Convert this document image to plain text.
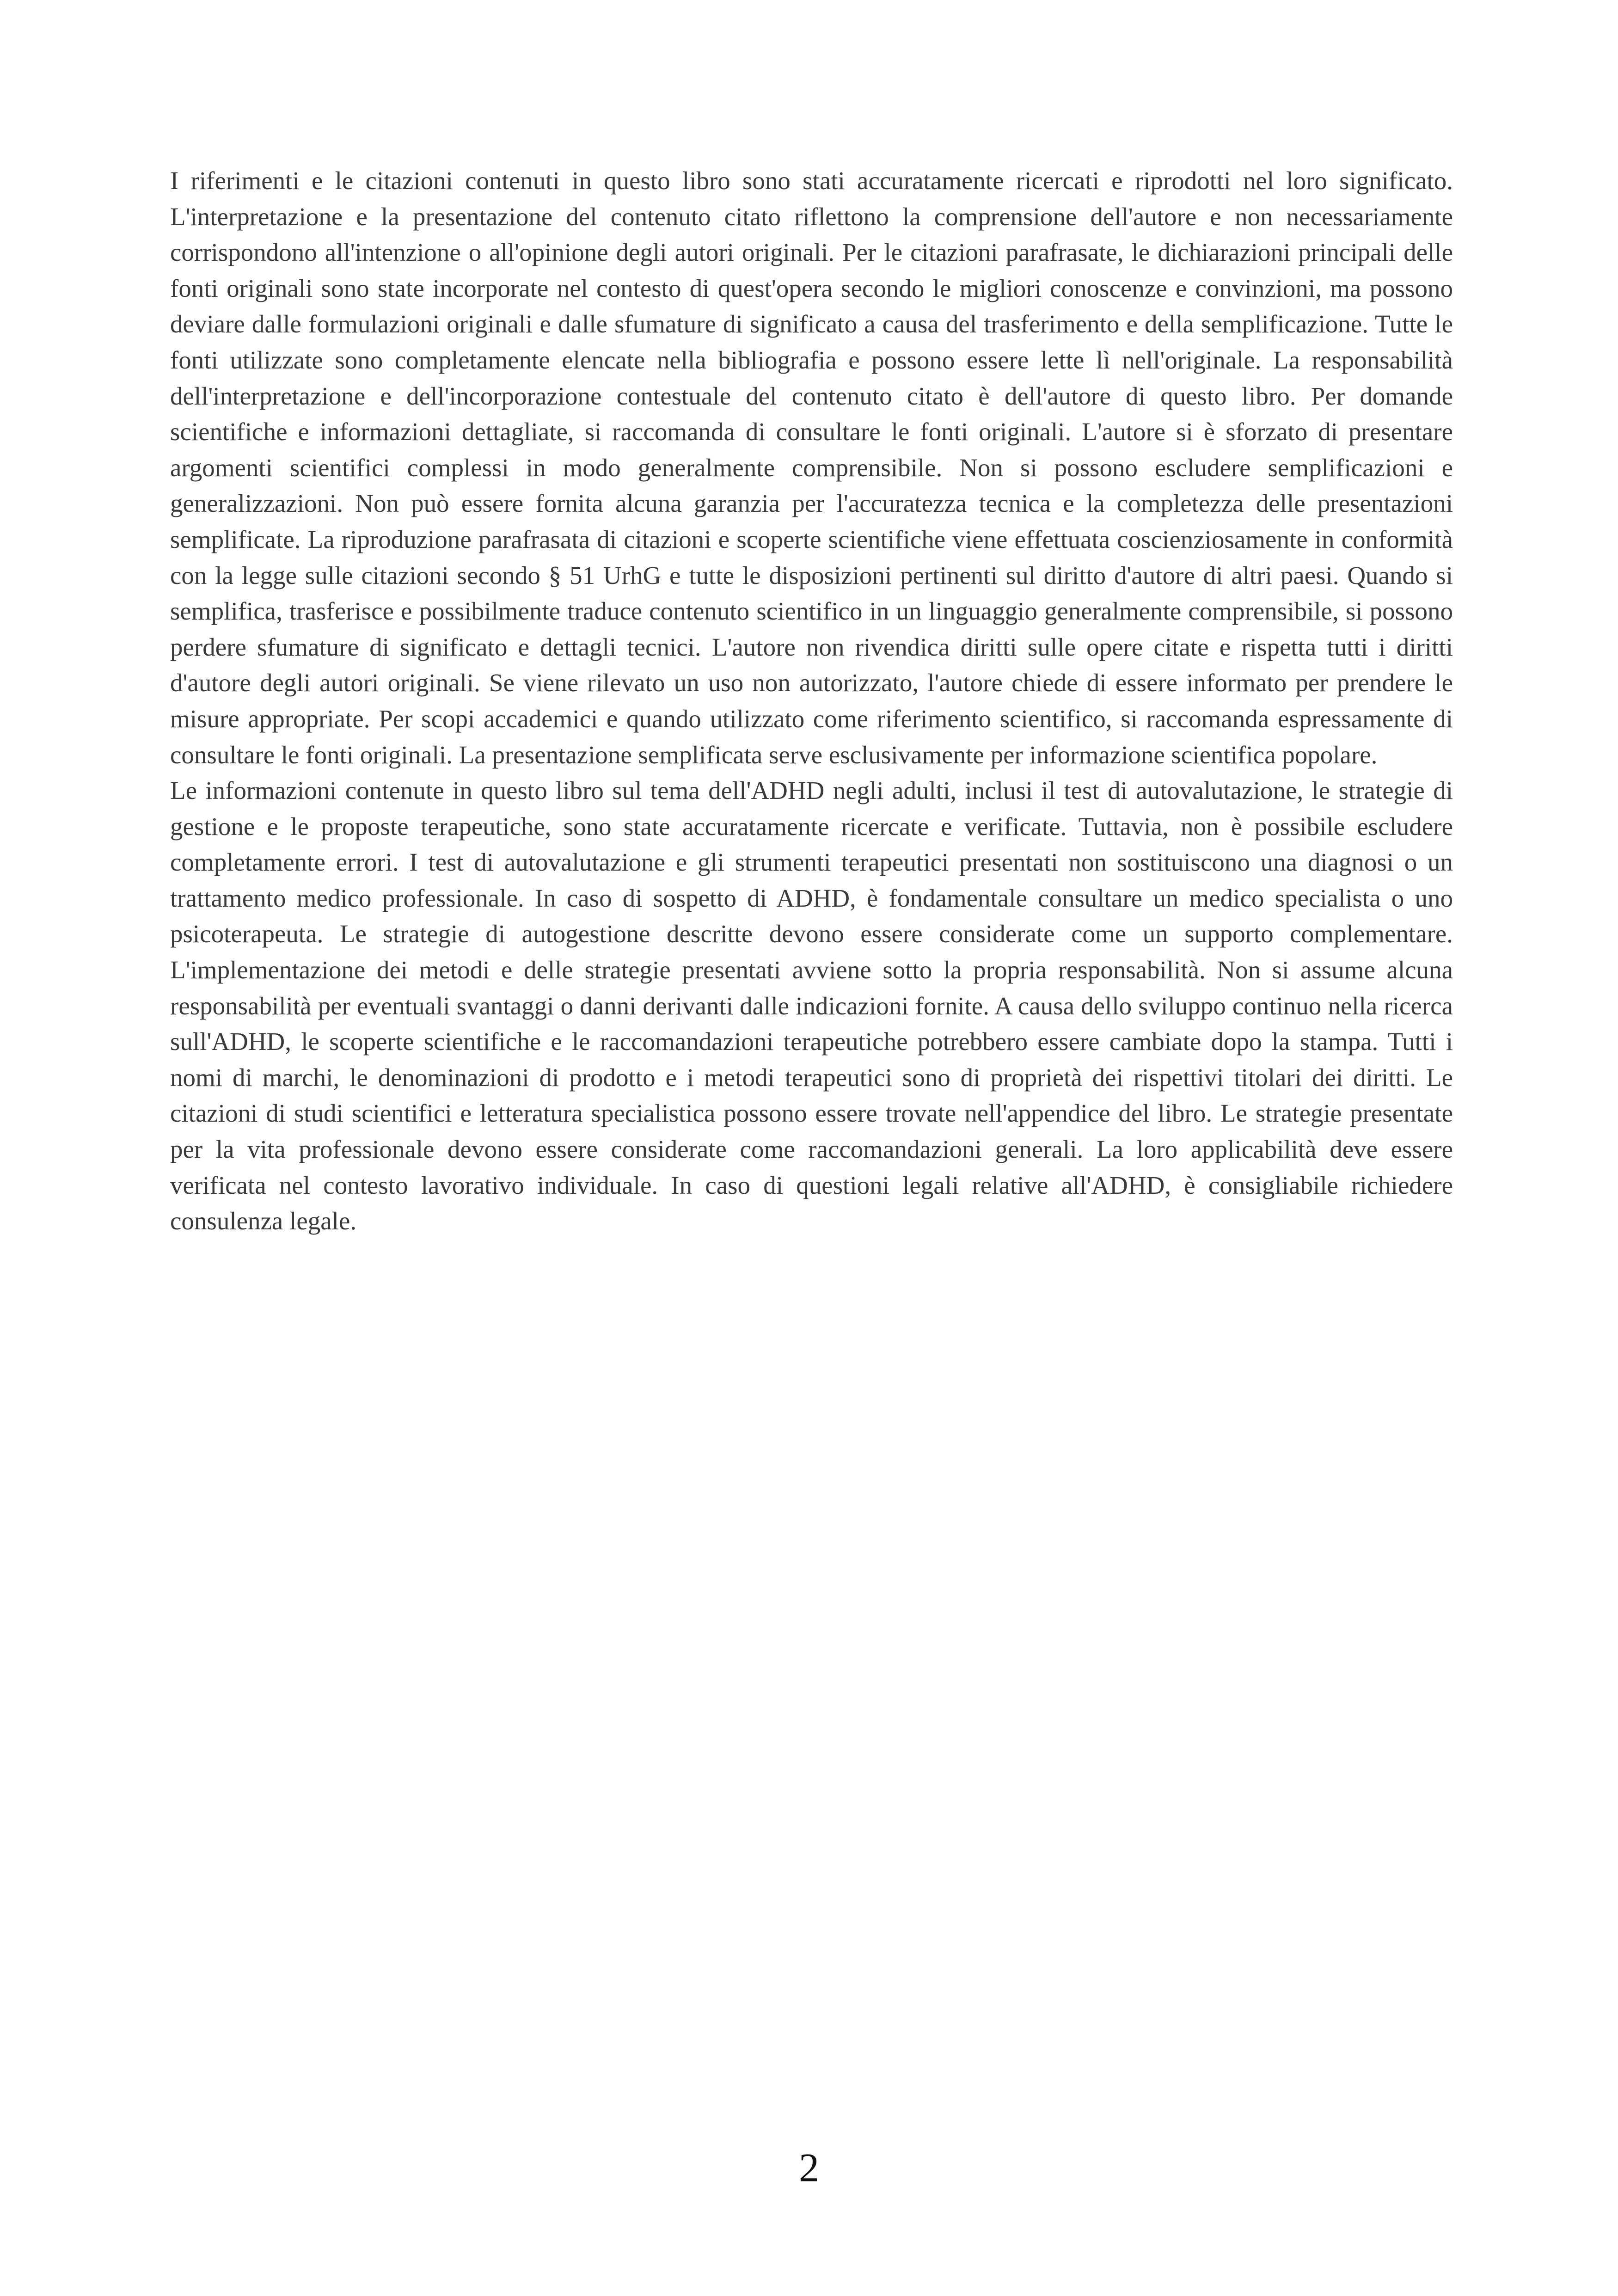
I riferimenti e le citazioni contenuti in questo libro sono stati accuratamente ricercati e riprodotti nel loro significato. L'interpretazione e la presentazione del contenuto citato riflettono la comprensione dell'autore e non necessariamente corrispondono all'intenzione o all'opinione degli autori originali. Per le citazioni parafrasate, le dichiarazioni principali delle fonti originali sono state incorporate nel contesto di quest'opera secondo le migliori conoscenze e convinzioni, ma possono deviare dalle formulazioni originali e dalle sfumature di significato a causa del trasferimento e della semplificazione. Tutte le fonti utilizzate sono completamente elencate nella bibliografia e possono essere lette lì nell'originale. La responsabilità dell'interpretazione e dell'incorporazione contestuale del contenuto citato è dell'autore di questo libro. Per domande scientifiche e informazioni dettagliate, si raccomanda di consultare le fonti originali. L'autore si è sforzato di presentare argomenti scientifici complessi in modo generalmente comprensibile. Non si possono escludere semplificazioni e generalizzazioni. Non può essere fornita alcuna garanzia per l'accuratezza tecnica e la completezza delle presentazioni semplificate. La riproduzione parafrasata di citazioni e scoperte scientifiche viene effettuata coscienziosamente in conformità con la legge sulle citazioni secondo § 51 UrhG e tutte le disposizioni pertinenti sul diritto d'autore di altri paesi. Quando si semplifica, trasferisce e possibilmente traduce contenuto scientifico in un linguaggio generalmente comprensibile, si possono perdere sfumature di significato e dettagli tecnici. L'autore non rivendica diritti sulle opere citate e rispetta tutti i diritti d'autore degli autori originali. Se viene rilevato un uso non autorizzato, l'autore chiede di essere informato per prendere le misure appropriate. Per scopi accademici e quando utilizzato come riferimento scientifico, si raccomanda espressamente di consultare le fonti originali. La presentazione semplificata serve esclusivamente per informazione scientifica popolare.

Le informazioni contenute in questo libro sul tema dell'ADHD negli adulti, inclusi il test di autovalutazione, le strategie di gestione e le proposte terapeutiche, sono state accuratamente ricercate e verificate. Tuttavia, non è possibile escludere completamente errori. I test di autovalutazione e gli strumenti terapeutici presentati non sostituiscono una diagnosi o un trattamento medico professionale. In caso di sospetto di ADHD, è fondamentale consultare un medico specialista o uno psicoterapeuta. Le strategie di autogestione descritte devono essere considerate come un supporto complementare. L'implementazione dei metodi e delle strategie presentati avviene sotto la propria responsabilità. Non si assume alcuna responsabilità per eventuali svantaggi o danni derivanti dalle indicazioni fornite. A causa dello sviluppo continuo nella ricerca sull'ADHD, le scoperte scientifiche e le raccomandazioni terapeutiche potrebbero essere cambiate dopo la stampa. Tutti i nomi di marchi, le denominazioni di prodotto e i metodi terapeutici sono di proprietà dei rispettivi titolari dei diritti. Le citazioni di studi scientifici e letteratura specialistica possono essere trovate nell'appendice del libro. Le strategie presentate per la vita professionale devono essere considerate come raccomandazioni generali. La loro applicabilità deve essere verificata nel contesto lavorativo individuale. In caso di questioni legali relative all'ADHD, è consigliabile richiedere consulenza legale.

2
